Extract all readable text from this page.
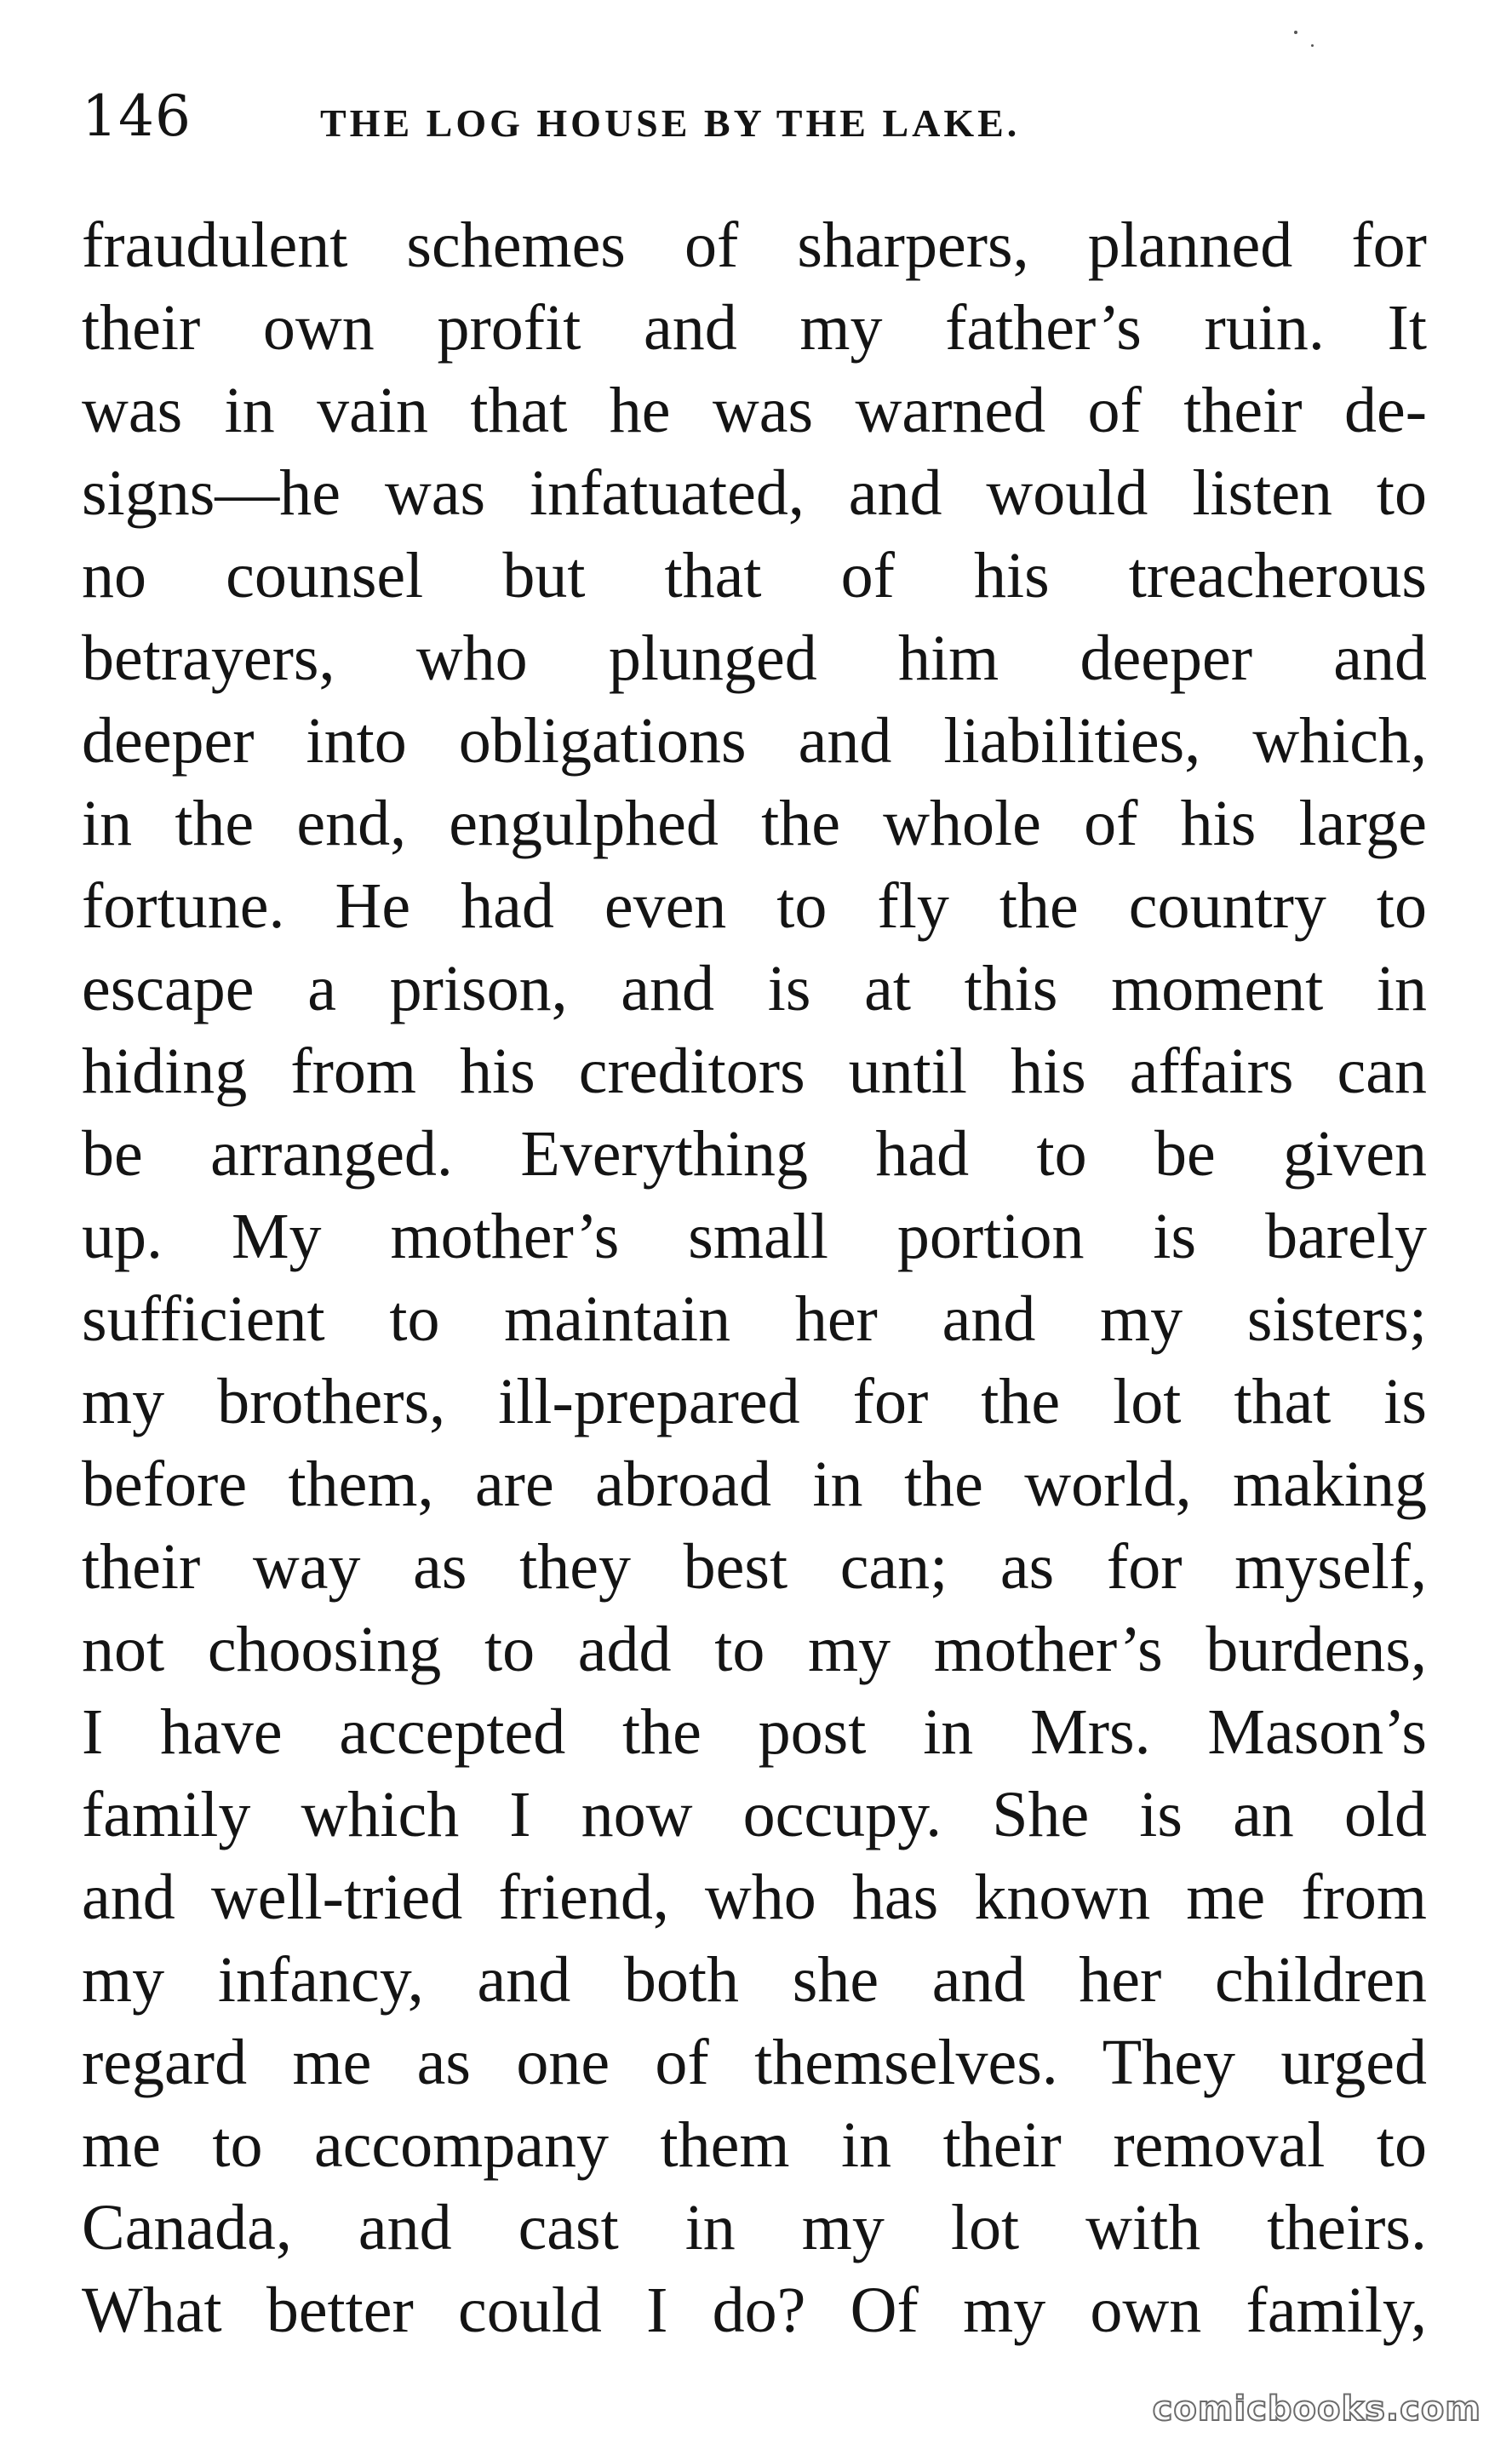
146	THE LOG HOUSE BY THE LAKE.
fraudulent schemes of sharpers, planned for
their own profit and my father’s ruin. It
was in vain that he was warned of their de-
signs—he was infatuated, and would listen to
no counsel but that of his treacherous
betrayers, who plunged him deeper and
deeper into obligations and liabilities, which,
in the end, engulphed the whole of his large
fortune. He had even to fly the country to
escape a prison, and is at this moment in
hiding from his creditors until his affairs can
be arranged. Everything had to be given
up. My mother’s small portion is barely
sufficient to maintain her and my sisters;
my brothers, ill-prepared for the lot that is
before them, are abroad in the world, making
their way as they best can; as for myself,
not choosing to add to my mother’s burdens,
I have accepted the post in Mrs. Mason’s
family which I now occupy. She is an old
and well-tried friend, who has known me from
my infancy, and both she and her children
regard me as one of themselves. They urged
me to accompany them in their removal to
Canada, and cast in my lot with theirs.
What better could I do? Of my own family,
comicbooks.com
